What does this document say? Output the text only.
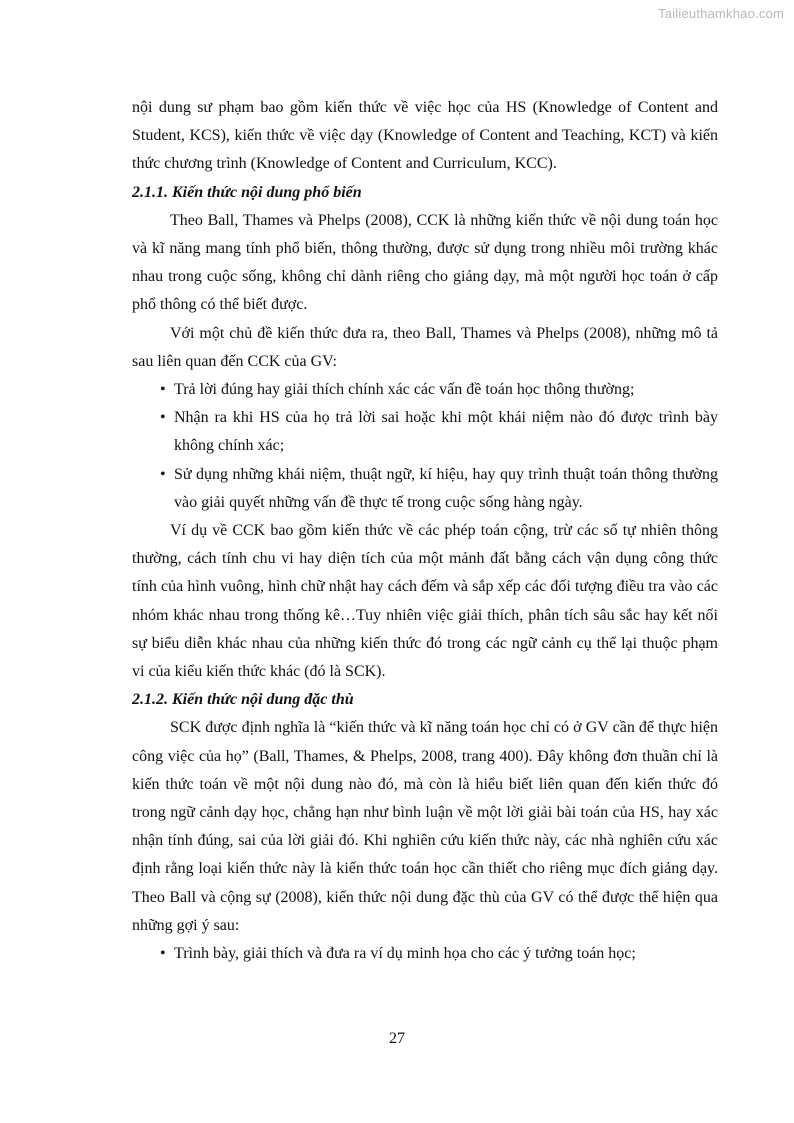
Tailieuthamkhao.com

nội dung sư phạm bao gồm kiến thức về việc học của HS (Knowledge of Content and Student, KCS), kiến thức về việc dạy (Knowledge of Content and Teaching, KCT) và kiến thức chương trình (Knowledge of Content and Curriculum, KCC).

2.1.1. Kiến thức nội dung phổ biến

Theo Ball, Thames và Phelps (2008), CCK là những kiến thức về nội dung toán học và kĩ năng mang tính phổ biến, thông thường, được sử dụng trong nhiều môi trường khác nhau trong cuộc sống, không chỉ dành riêng cho giảng dạy, mà một người học toán ở cấp phổ thông có thể biết được.

Với một chủ đề kiến thức đưa ra, theo Ball, Thames và Phelps (2008), những mô tả sau liên quan đến CCK của GV:

• Trả lời đúng hay giải thích chính xác các vấn đề toán học thông thường;
• Nhận ra khi HS của họ trả lời sai hoặc khi một khái niệm nào đó được trình bày không chính xác;
• Sử dụng những khái niệm, thuật ngữ, kí hiệu, hay quy trình thuật toán thông thường vào giải quyết những vấn đề thực tế trong cuộc sống hàng ngày.

Ví dụ về CCK bao gồm kiến thức về các phép toán cộng, trừ các số tự nhiên thông thường, cách tính chu vi hay diện tích của một mảnh đất bằng cách vận dụng công thức tính của hình vuông, hình chữ nhật hay cách đếm và sắp xếp các đối tượng điều tra vào các nhóm khác nhau trong thống kê…Tuy nhiên việc giải thích, phân tích sâu sắc hay kết nối sự biểu diễn khác nhau của những kiến thức đó trong các ngữ cảnh cụ thể lại thuộc phạm vi của kiểu kiến thức khác (đó là SCK).

2.1.2. Kiến thức nội dung đặc thù

SCK được định nghĩa là “kiến thức và kĩ năng toán học chỉ có ở GV cần để thực hiện công việc của họ” (Ball, Thames, & Phelps, 2008, trang 400). Đây không đơn thuần chỉ là kiến thức toán về một nội dung nào đó, mà còn là hiểu biết liên quan đến kiến thức đó trong ngữ cảnh dạy học, chẳng hạn như bình luận về một lời giải bài toán của HS, hay xác nhận tính đúng, sai của lời giải đó. Khi nghiên cứu kiến thức này, các nhà nghiên cứu xác định rằng loại kiến thức này là kiến thức toán học cần thiết cho riêng mục đích giảng dạy. Theo Ball và cộng sự (2008), kiến thức nội dung đặc thù của GV có thể được thể hiện qua những gợi ý sau:

• Trình bày, giải thích và đưa ra ví dụ minh họa cho các ý tưởng toán học;
27
